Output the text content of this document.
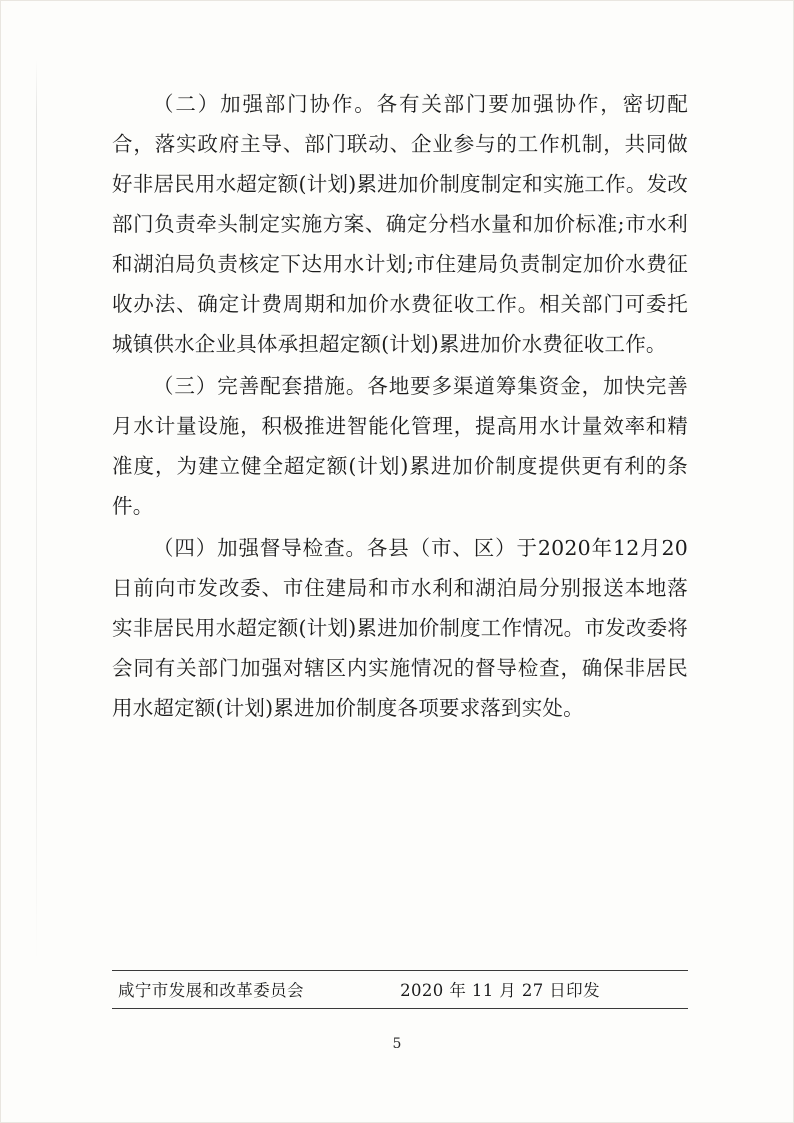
（二）加强部门协作。各有关部门要加强协作，密切配合，落实政府主导、部门联动、企业参与的工作机制，共同做好非居民用水超定额(计划)累进加价制度制定和实施工作。发改部门负责牵头制定实施方案、确定分档水量和加价标准;市水利和湖泊局负责核定下达用水计划;市住建局负责制定加价水费征收办法、确定计费周期和加价水费征收工作。相关部门可委托城镇供水企业具体承担超定额(计划)累进加价水费征收工作。

（三）完善配套措施。各地要多渠道筹集资金，加快完善月水计量设施，积极推进智能化管理，提高用水计量效率和精准度，为建立健全超定额(计划)累进加价制度提供更有利的条件。

（四）加强督导检查。各县（市、区）于2020年12月20日前向市发改委、市住建局和市水利和湖泊局分别报送本地落实非居民用水超定额(计划)累进加价制度工作情况。市发改委将会同有关部门加强对辖区内实施情况的督导检查，确保非居民用水超定额(计划)累进加价制度各项要求落到实处。

咸宁市发展和改革委员会	2020 年 11 月 27 日印发
5
